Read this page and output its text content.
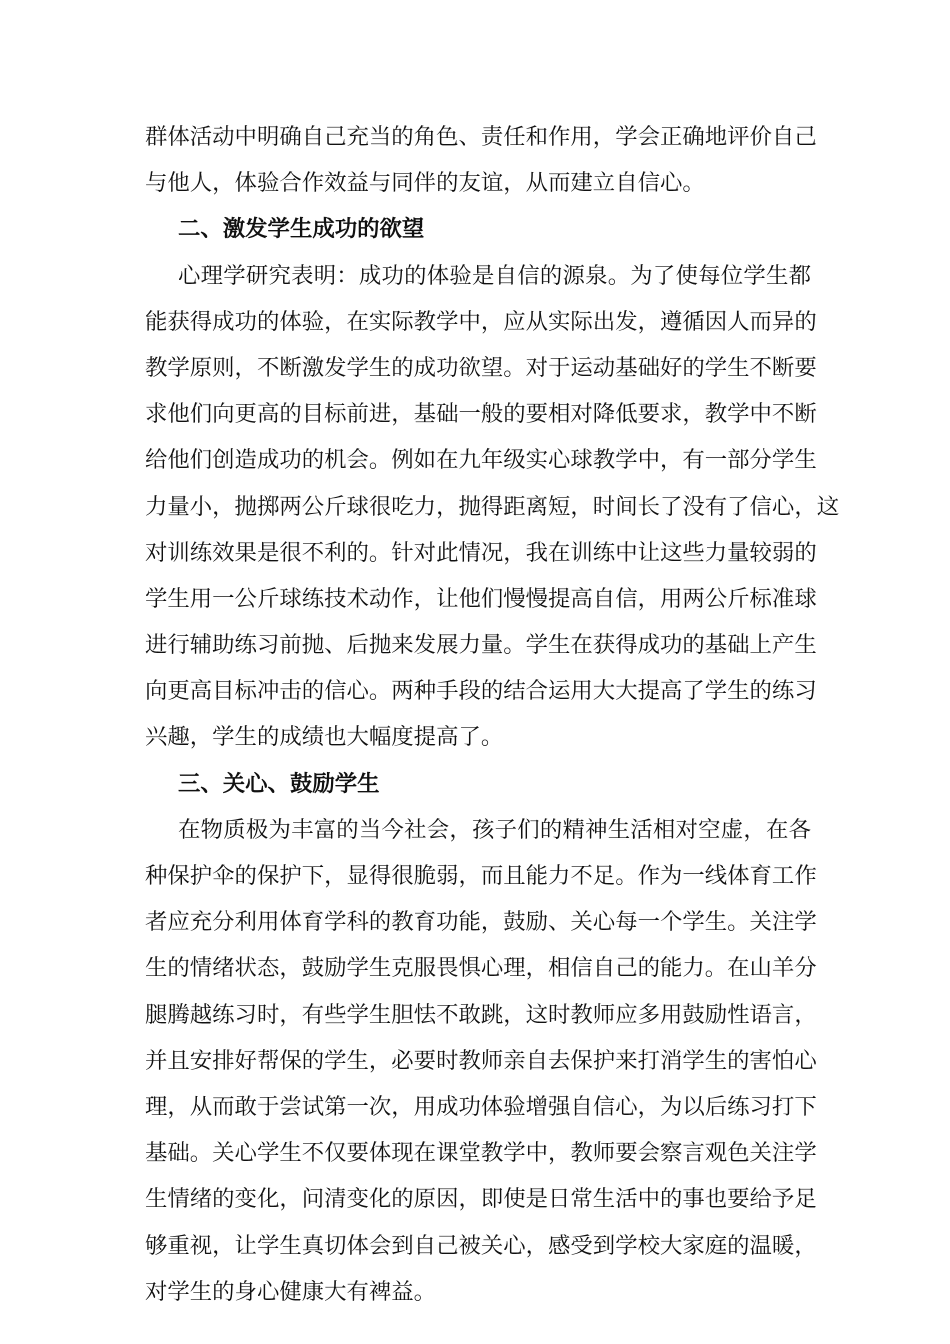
群体活动中明确自己充当的角色、责任和作用，学会正确地评价自己
与他人，体验合作效益与同伴的友谊，从而建立自信心。
二、激发学生成功的欲望
心理学研究表明：成功的体验是自信的源泉。为了使每位学生都
能获得成功的体验，在实际教学中，应从实际出发，遵循因人而异的
教学原则，不断激发学生的成功欲望。对于运动基础好的学生不断要
求他们向更高的目标前进，基础一般的要相对降低要求，教学中不断
给他们创造成功的机会。例如在九年级实心球教学中，有一部分学生
力量小，抛掷两公斤球很吃力，抛得距离短，时间长了没有了信心，这
对训练效果是很不利的。针对此情况，我在训练中让这些力量较弱的
学生用一公斤球练技术动作，让他们慢慢提高自信，用两公斤标准球
进行辅助练习前抛、后抛来发展力量。学生在获得成功的基础上产生
向更高目标冲击的信心。两种手段的结合运用大大提高了学生的练习
兴趣，学生的成绩也大幅度提高了。
三、关心、鼓励学生
在物质极为丰富的当今社会，孩子们的精神生活相对空虚，在各
种保护伞的保护下，显得很脆弱，而且能力不足。作为一线体育工作
者应充分利用体育学科的教育功能，鼓励、关心每一个学生。关注学
生的情绪状态，鼓励学生克服畏惧心理，相信自己的能力。在山羊分
腿腾越练习时，有些学生胆怯不敢跳，这时教师应多用鼓励性语言，
并且安排好帮保的学生，必要时教师亲自去保护来打消学生的害怕心
理，从而敢于尝试第一次，用成功体验增强自信心，为以后练习打下
基础。关心学生不仅要体现在课堂教学中，教师要会察言观色关注学
生情绪的变化，问清变化的原因，即使是日常生活中的事也要给予足
够重视，让学生真切体会到自己被关心，感受到学校大家庭的温暖，
对学生的身心健康大有裨益。
